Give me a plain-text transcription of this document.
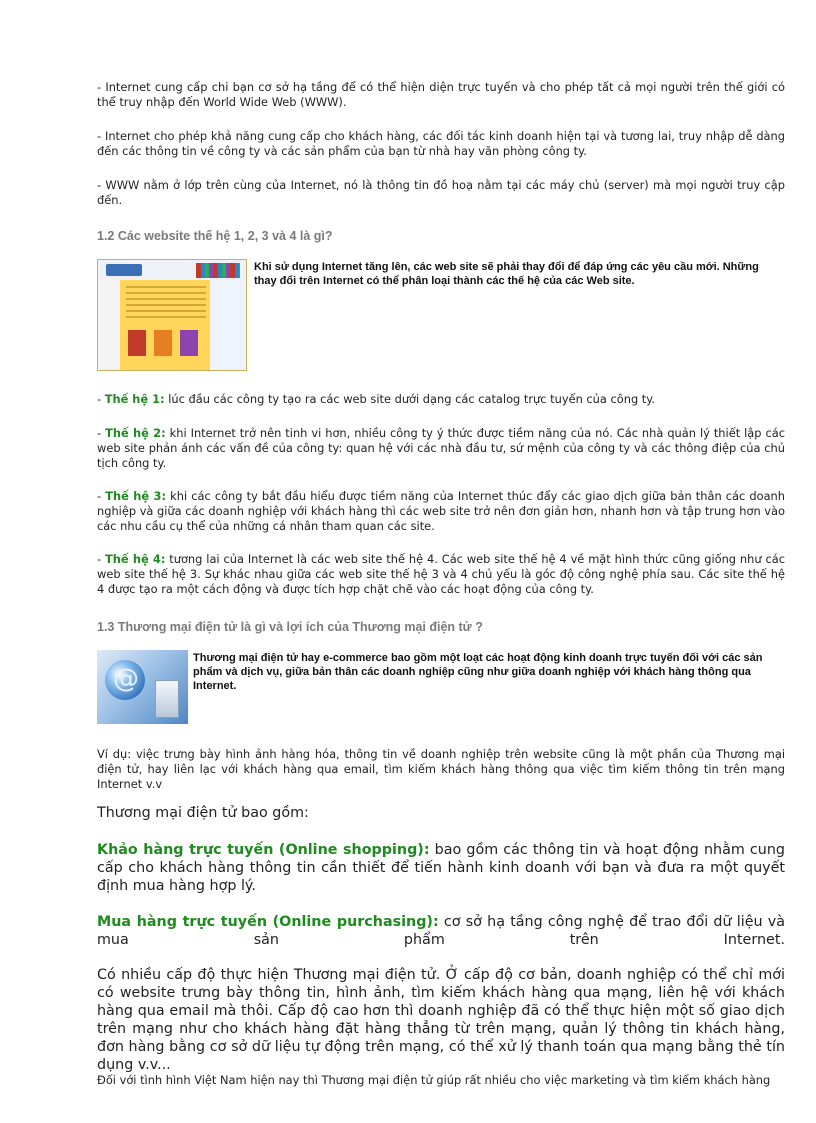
- Internet cung cấp chi bạn cơ sở hạ tầng để có thể hiện diện trực tuyến và cho phép tất cả mọi người trên thế giới có thể truy nhập đến World Wide Web (WWW).

- Internet cho phép khả năng cung cấp cho khách hàng, các đối tác kinh doanh hiện tại và tương lai, truy nhập dễ dàng đến các thông tin về công ty và các sản phẩm của bạn từ nhà hay văn phòng công ty.

- WWW nằm ở lớp trên cùng của Internet, nó là thông tin đồ hoạ nằm tại các máy chủ (server) mà mọi người truy cập đến.

1.2 Các website thế hệ 1, 2, 3 và 4 là gì?

Khi sử dụng Internet tăng lên, các web site sẽ phải thay đổi để đáp ứng các yêu cầu mới. Những thay đổi trên Internet có thể phân loại thành các thế hệ của các Web site.

- Thế hệ 1: lúc đầu các công ty tạo ra các web site dưới dạng các catalog trực tuyến của công ty.

- Thế hệ 2: khi Internet trở nên tinh vi hơn, nhiều công ty ý thức được tiềm năng của nó. Các nhà quản lý thiết lập các web site phản ánh các vấn đề của công ty: quan hệ với các nhà đầu tư, sứ mệnh của công ty và các thông điệp của chủ tịch công ty.

- Thế hệ 3: khi các công ty bắt đầu hiểu được tiềm năng của Internet thúc đẩy các giao dịch giữa bản thân các doanh nghiệp và giữa các doanh nghiệp với khách hàng thì các web site trở nên đơn giản hơn, nhanh hơn và tập trung hơn vào các nhu cầu cụ thể của những cá nhân tham quan các site.

- Thế hệ 4: tương lai của Internet là các web site thế hệ 4. Các web site thế hệ 4 về mặt hình thức cũng giống như các web site thế hệ 3. Sự khác nhau giữa các web site thế hệ 3 và 4 chủ yếu là góc độ công nghệ phía sau. Các site thế hệ 4 được tạo ra một cách động và được tích hợp chặt chẽ vào các hoạt động của công ty.

1.3 Thương mại điện tử là gì và lợi ích của Thương mại điện tử ?
@

Thương mại điện tử hay e-commerce bao gồm một loạt các hoạt động kinh doanh trực tuyến đối với các sản phẩm và dịch vụ, giữa bản thân các doanh nghiệp cũng như giữa doanh nghiệp với khách hàng thông qua Internet.

Ví dụ: việc trưng bày hình ảnh hàng hóa, thông tin về doanh nghiệp trên website cũng là một phần của Thương mại điện tử, hay liên lạc với khách hàng qua email, tìm kiếm khách hàng thông qua việc tìm kiếm thông tin trên mạng Internet v.v

Thương mại điện tử bao gồm:

Khảo hàng trực tuyến (Online shopping): bao gồm các thông tin và hoạt động nhằm cung cấp cho khách hàng thông tin cần thiết để tiến hành kinh doanh với bạn và đưa ra một quyết định mua hàng hợp lý.

Mua hàng trực tuyến (Online purchasing): cơ sở hạ tầng công nghệ để trao đổi dữ liệu và mua sản phẩm trên Internet.

Có nhiều cấp độ thực hiện Thương mại điện tử. Ở cấp độ cơ bản, doanh nghiệp có thể chỉ mới có website trưng bày thông tin, hình ảnh, tìm kiếm khách hàng qua mạng, liên hệ với khách hàng qua email mà thôi. Cấp độ cao hơn thì doanh nghiệp đã có thể thực hiện một số giao dịch trên mạng như cho khách hàng đặt hàng thẳng từ trên mạng, quản lý thông tin khách hàng, đơn hàng bằng cơ sở dữ liệu tự động trên mạng, có thể xử lý thanh toán qua mạng bằng thẻ tín dụng v.v...

Đối với tình hình Việt Nam hiện nay thì Thương mại điện tử giúp rất nhiều cho việc marketing và tìm kiếm khách hàng
